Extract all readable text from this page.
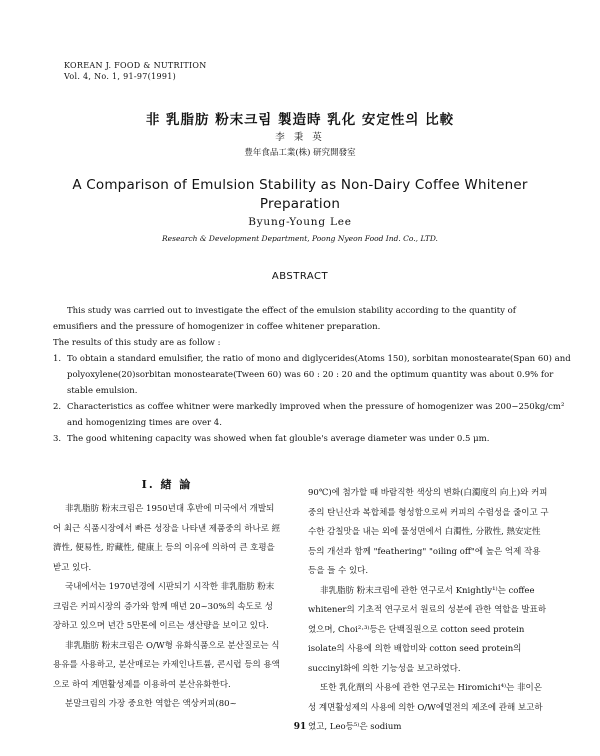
KOREAN J. FOOD & NUTRITION
Vol. 4, No. 1, 91-97(1991)
非 乳脂肪 粉末크림 製造時 乳化 安定性의 比較
李 秉 英
豊年食品工業(株) 研究開發室
A Comparison of Emulsion Stability as Non-Dairy Coffee Whitener
Preparation
Byung-Young Lee
Research & Development Department, Poong Nyeon Food Ind. Co., LTD.
ABSTRACT
This study was carried out to investigate the effect of the emulsion stability according to the quantity of emusifiers and the pressure of homogenizer in coffee whitener preparation.
The results of this study are as follow :
1. To obtain a standard emulsifier, the ratio of mono and diglycerides(Atoms 150), sorbitan monostearate(Span 60) and polyoxylene(20)sorbitan monostearate(Tween 60) was 60 : 20 : 20 and the optimum quantity was about 0.9% for stable emulsion.
2. Characteristics as coffee whitner were markedly improved when the pressure of homogenizer was 200−250kg/cm² and homogenizing times are over 4.
3. The good whitening capacity was showed when fat glouble's average diameter was under 0.5 μm.
Ⅰ. 緖 論

非乳脂肪 粉末크림은 1950년대 후반에 미국에서 개발되어 최근 식품시장에서 빠른 성장을 나타낸 제품중의 하나로 經濟性, 便易性, 貯藏性, 健康上 등의 이유에 의하여 큰 호평을 받고 있다.

국내에서는 1970년경에 시판되기 시작한 非乳脂肪 粉末크림은 커피시장의 증가와 함께 매년 20~30%의 속도로 성장하고 있으며 년간 5만톤에 이르는 생산량을 보이고 있다.

非乳脂肪 粉末크림은 O/W형 유화식품으로 분산질로는 식용유를 사용하고, 분산매로는 카제인나트륨, 콘시럽 등의 용액으로 하여 계면활성제를 이용하여 분산유화한다.

분말크림의 가장 중요한 역할은 액상커피(80~

90℃)에 첨가할 때 바람직한 색상의 변화(白濁度의 向上)와 커피중의 탄닌산과 복합체를 형성함으로써 커피의 수렴성을 줄이고 구수한 감칠맛을 내는 외에 물성면에서 白濁性, 分散性, 熱安定性 등의 개선과 함께 "feathering" "oiling off"에 높은 억제 작용 등을 들 수 있다.

非乳脂肪 粉末크림에 관한 연구로서 Knightly¹⁾는 coffee whitener의 기초적 연구로서 원료의 성분에 관한 역할을 발표하였으며, Choi²·³⁾등은 단백질원으로 cotton seed protein isolate의 사용에 의한 배합비와 cotton seed protein의 succinyl화에 의한 기능성을 보고하였다.

또한 乳化劑의 사용에 관한 연구로는 Hiromichi⁴⁾는 非이온성 계면활성제의 사용에 의한 O/W에멀전의 제조에 관해 보고하였고, Leo등⁵⁾은 sodium

91
